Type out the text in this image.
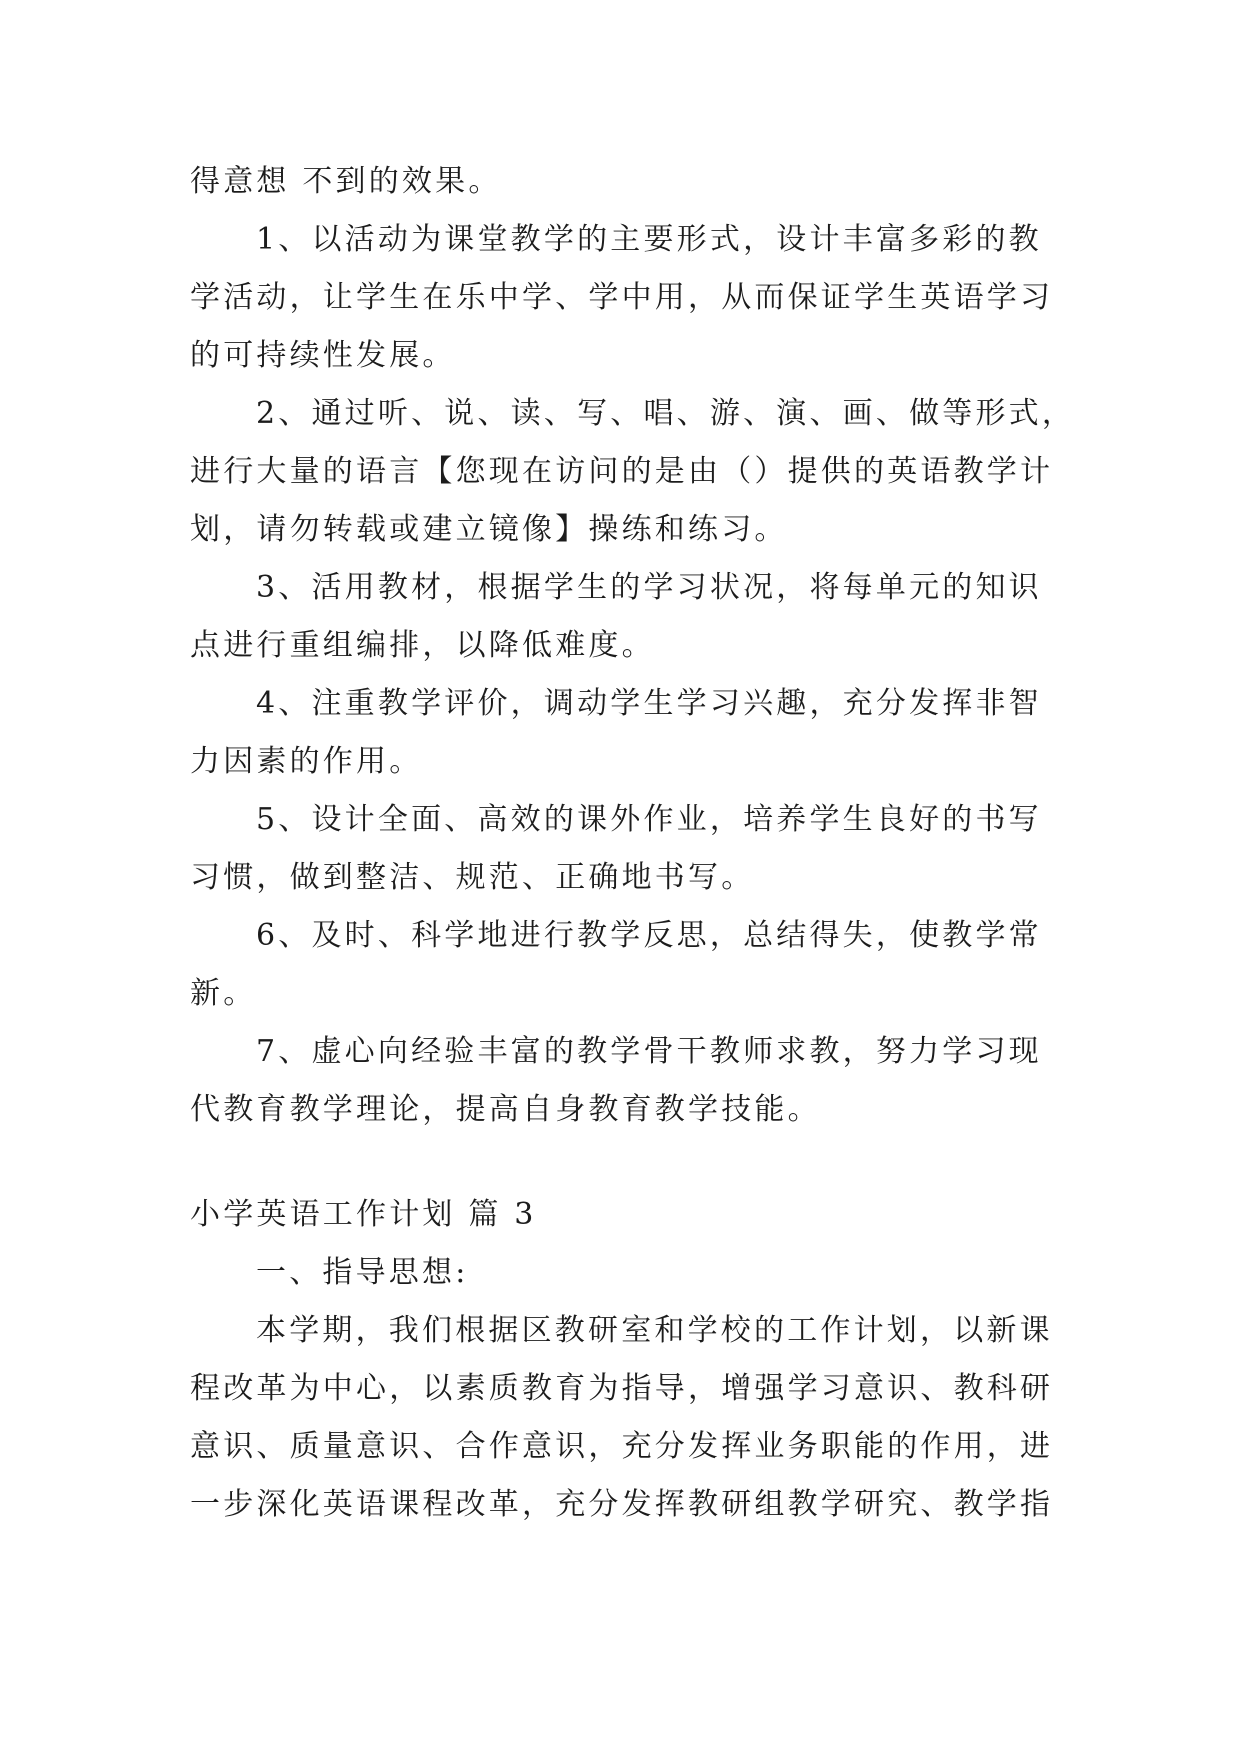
得意想 不到的效果。
1、以活动为课堂教学的主要形式，设计丰富多彩的教
学活动，让学生在乐中学、学中用，从而保证学生英语学习
的可持续性发展。
2、通过听、说、读、写、唱、游、演、画、做等形式，
进行大量的语言【您现在访问的是由（）提供的英语教学计
划，请勿转载或建立镜像】操练和练习。
3、活用教材，根据学生的学习状况，将每单元的知识
点进行重组编排，以降低难度。
4、注重教学评价，调动学生学习兴趣，充分发挥非智
力因素的作用。
5、设计全面、高效的课外作业，培养学生良好的书写
习惯，做到整洁、规范、正确地书写。
6、及时、科学地进行教学反思，总结得失，使教学常
新。
7、虚心向经验丰富的教学骨干教师求教，努力学习现
代教育教学理论，提高自身教育教学技能。
小学英语工作计划 篇 3
一、指导思想:
本学期，我们根据区教研室和学校的工作计划，以新课
程改革为中心，以素质教育为指导，增强学习意识、教科研
意识、质量意识、合作意识，充分发挥业务职能的作用，进
一步深化英语课程改革，充分发挥教研组教学研究、教学指
